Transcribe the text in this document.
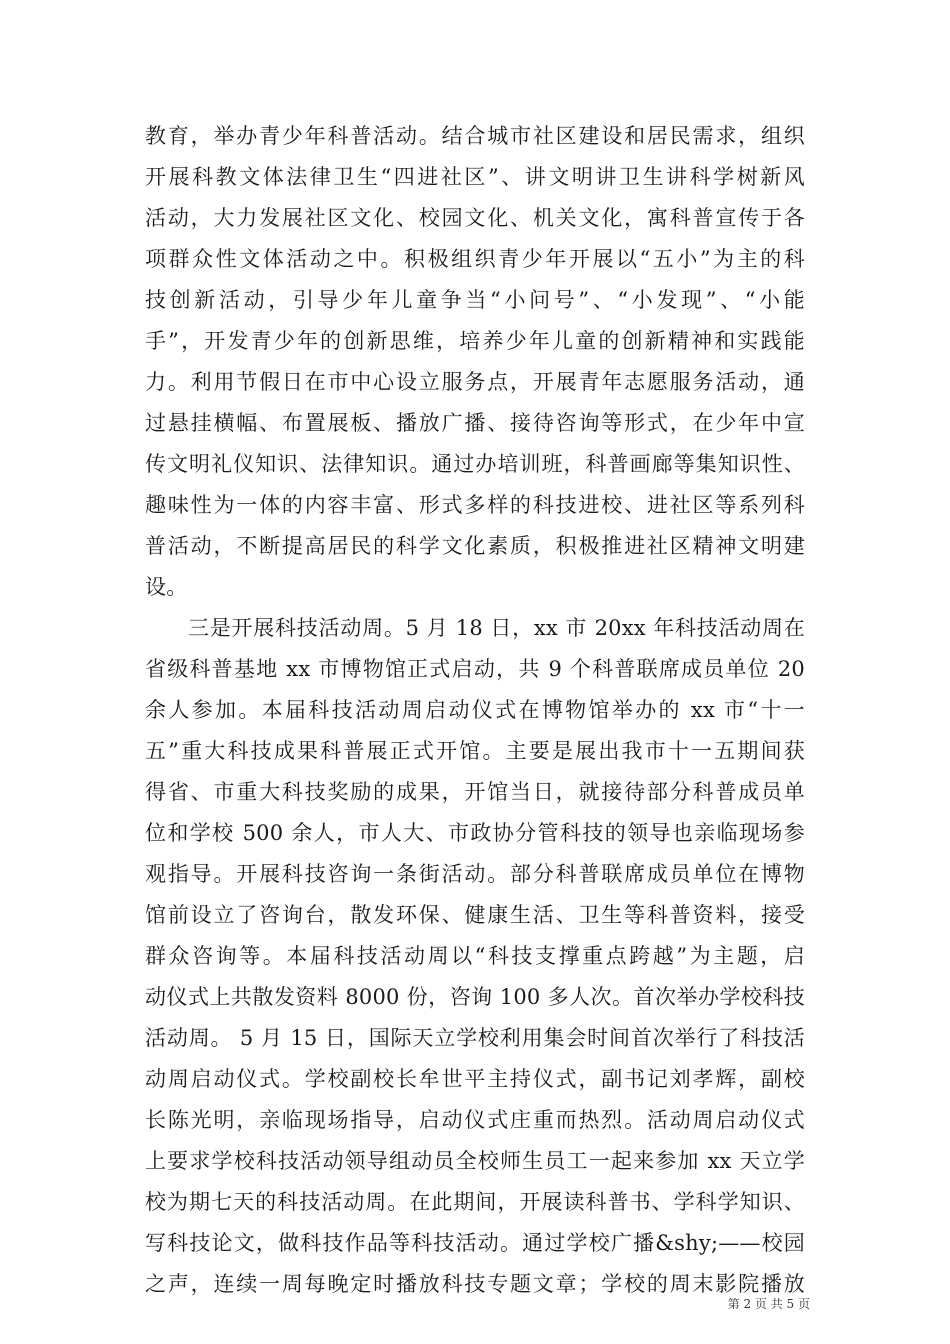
教育，举办青少年科普活动。结合城市社区建设和居民需求，组织
开展科教文体法律卫生“四进社区”、讲文明讲卫生讲科学树新风
活动，大力发展社区文化、校园文化、机关文化，寓科普宣传于各
项群众性文体活动之中。积极组织青少年开展以“五小”为主的科
技创新活动，引导少年儿童争当“小问号”、“小发现”、“小能
手”，开发青少年的创新思维，培养少年儿童的创新精神和实践能
力。利用节假日在市中心设立服务点，开展青年志愿服务活动，通
过悬挂横幅、布置展板、播放广播、接待咨询等形式，在少年中宣
传文明礼仪知识、法律知识。通过办培训班，科普画廊等集知识性、
趣味性为一体的内容丰富、形式多样的科技进校、进社区等系列科
普活动，不断提高居民的科学文化素质，积极推进社区精神文明建
设。
三是开展科技活动周。5 月 18 日，xx 市 20xx 年科技活动周在
省级科普基地 xx 市博物馆正式启动，共 9 个科普联席成员单位 20
余人参加。本届科技活动周启动仪式在博物馆举办的 xx 市“十一
五”重大科技成果科普展正式开馆。主要是展出我市十一五期间获
得省、市重大科技奖励的成果，开馆当日，就接待部分科普成员单
位和学校 500 余人，市人大、市政协分管科技的领导也亲临现场参
观指导。开展科技咨询一条街活动。部分科普联席成员单位在博物
馆前设立了咨询台，散发环保、健康生活、卫生等科普资料，接受
群众咨询等。本届科技活动周以“科技支撑重点跨越”为主题，启
动仪式上共散发资料 8000 份，咨询 100 多人次。首次举办学校科技
活动周。 5 月 15 日，国际天立学校利用集会时间首次举行了科技活
动周启动仪式。学校副校长牟世平主持仪式，副书记刘孝辉，副校
长陈光明，亲临现场指导，启动仪式庄重而热烈。活动周启动仪式
上要求学校科技活动领导组动员全校师生员工一起来参加 xx 天立学
校为期七天的科技活动周。在此期间，开展读科普书、学科学知识、
写科技论文，做科技作品等科技活动。通过学校广播&shy;——校园
之声，连续一周每晚定时播放科技专题文章；学校的周末影院播放
第 2 页 共 5 页
